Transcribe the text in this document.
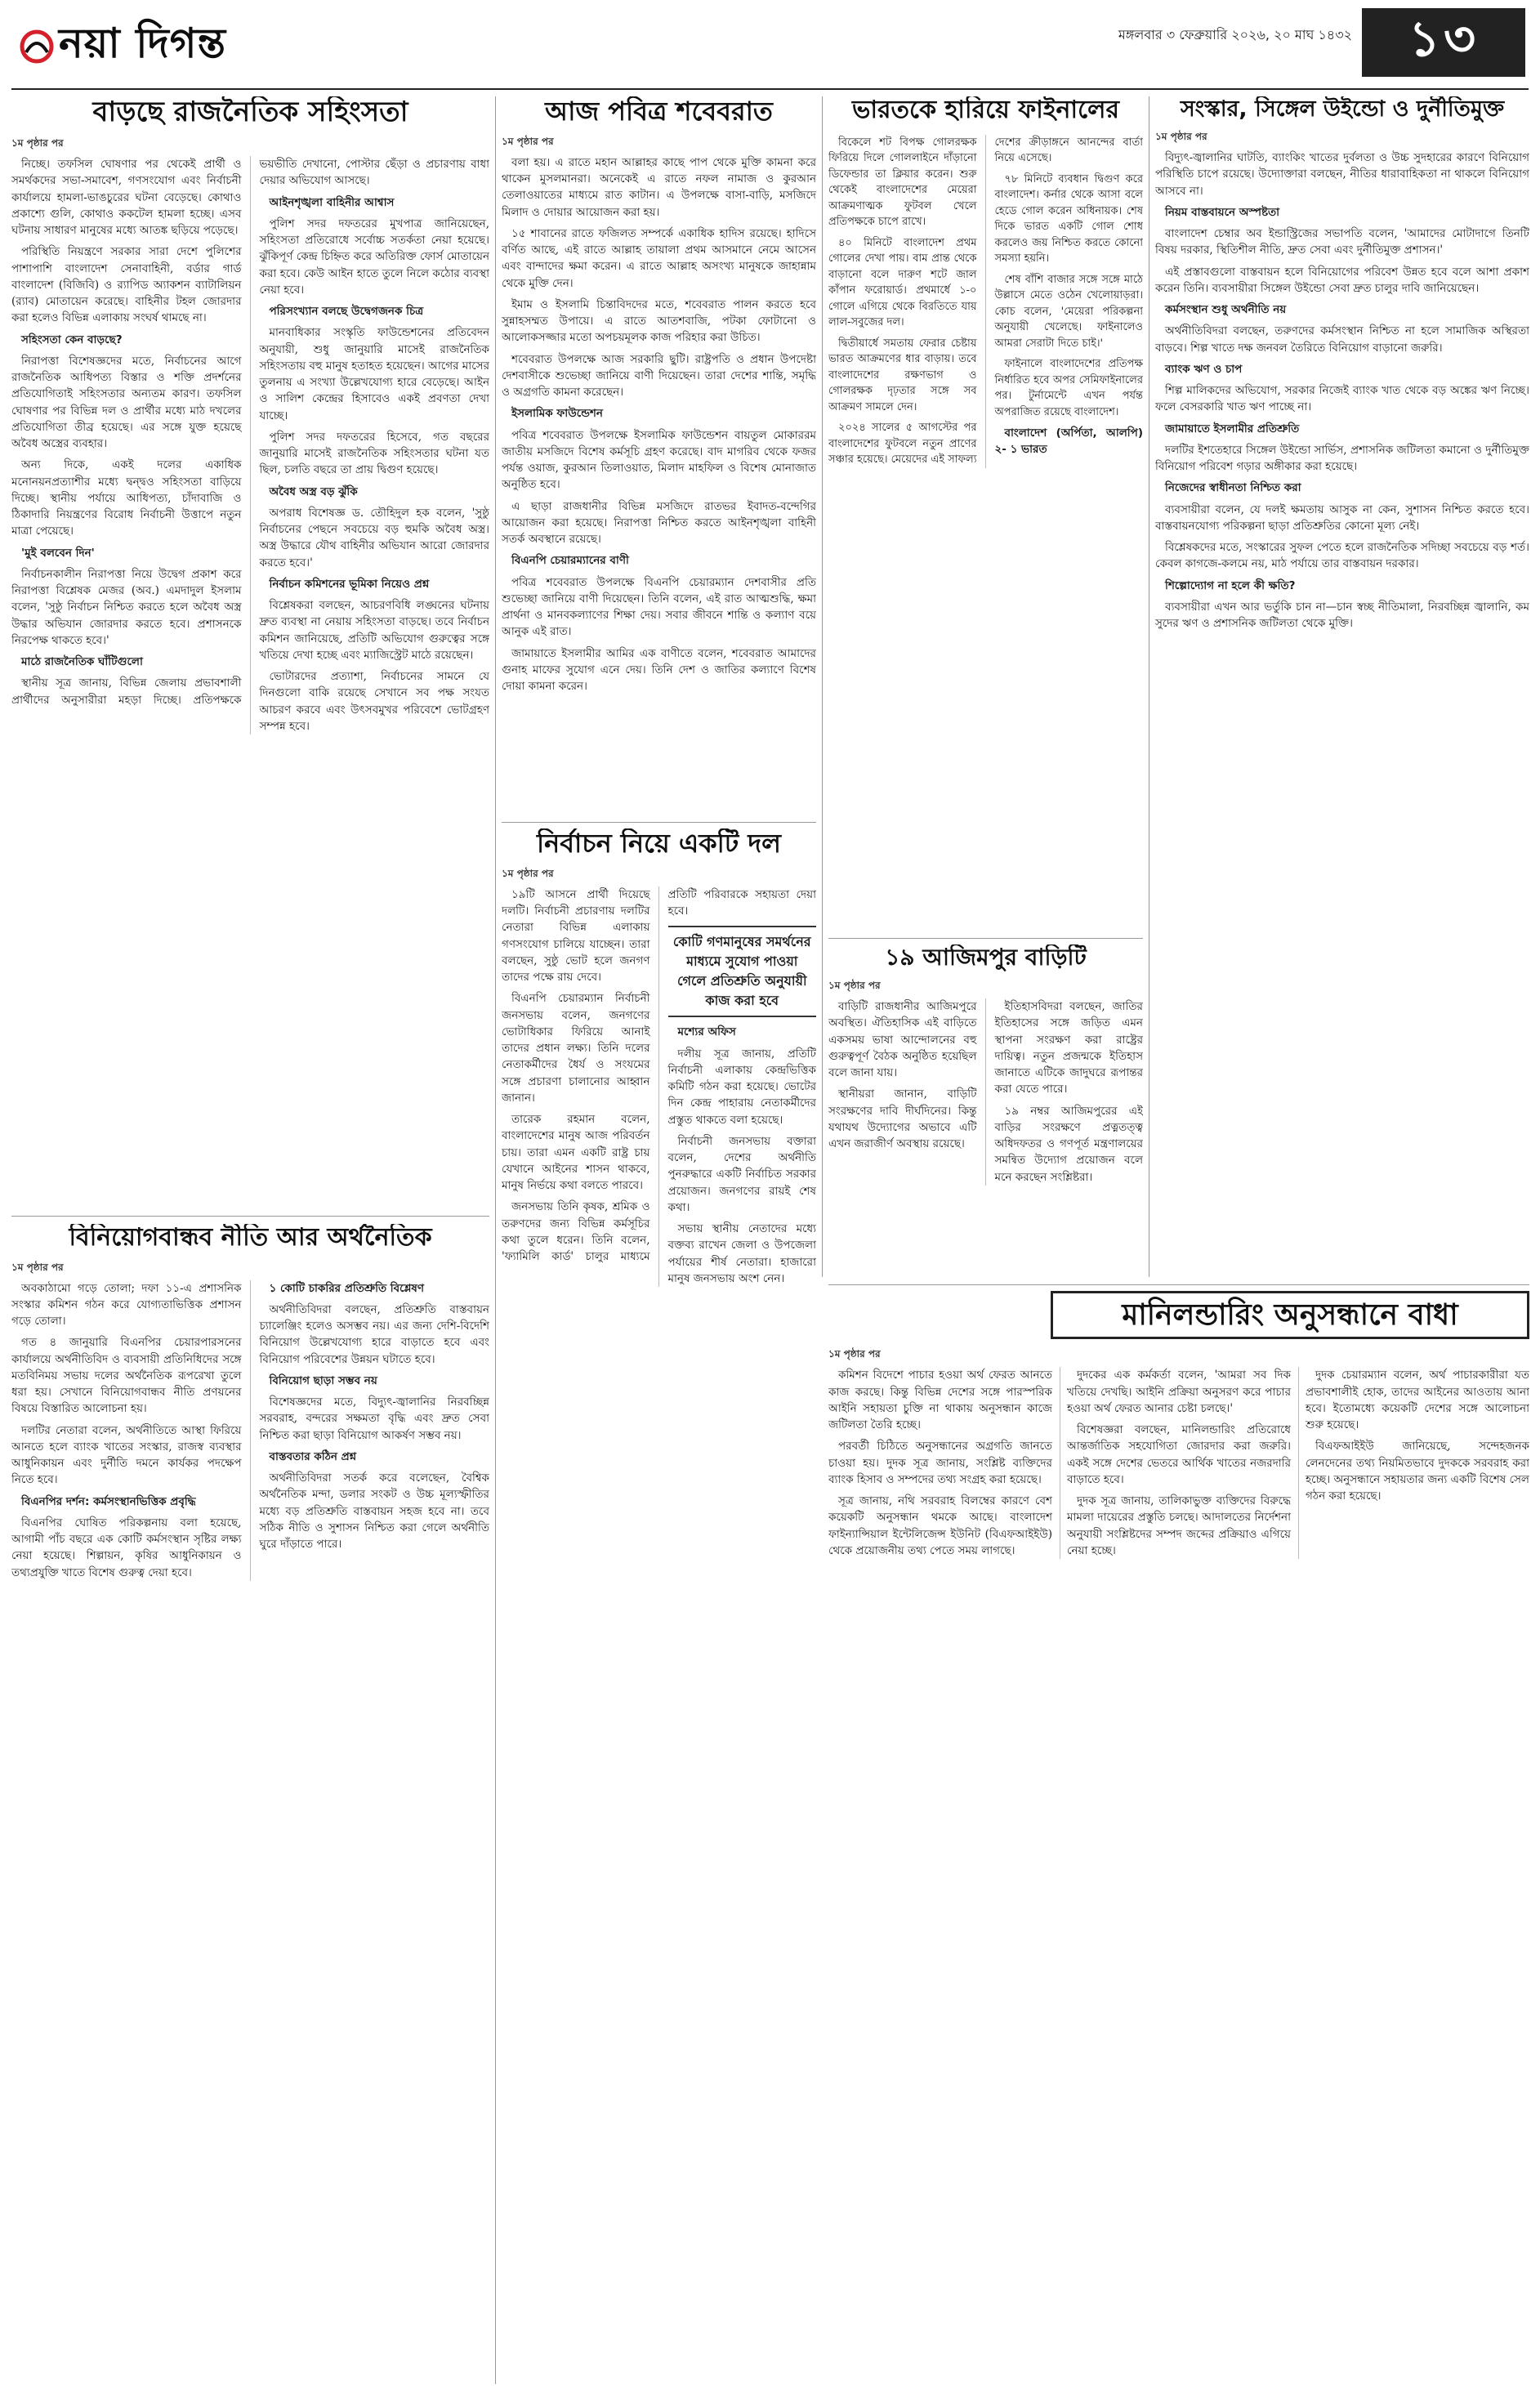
নয়া দিগন্ত	মঙ্গলবার ৩ ফেব্রুয়ারি ২০২৬, ২০ মাঘ ১৪৩২	১৩
বাড়ছে রাজনৈতিক সহিংসতা
১ম পৃষ্ঠার পর

নিচ্ছে। তফসিল ঘোষণার পর থেকেই প্রার্থী ও সমর্থকদের সভা-সমাবেশ, গণসংযোগ এবং নির্বাচনী কার্যালয়ে হামলা-ভাঙচুরের ঘটনা বেড়েছে। কোথাও প্রকাশ্যে গুলি, কোথাও ককটেল হামলা হচ্ছে। এসব ঘটনায় সাধারণ মানুষের মধ্যে আতঙ্ক ছড়িয়ে পড়েছে।

পরিস্থিতি নিয়ন্ত্রণে সরকার সারা দেশে পুলিশের পাশাপাশি বাংলাদেশ সেনাবাহিনী, বর্ডার গার্ড বাংলাদেশ (বিজিবি) ও র‍্যাপিড অ্যাকশন ব্যাটালিয়ন (র‍্যাব) মোতায়েন করেছে। বাহিনীর টহল জোরদার করা হলেও বিভিন্ন এলাকায় সংঘর্ষ থামছে না।

সহিংসতা কেন বাড়ছে?

নিরাপত্তা বিশেষজ্ঞদের মতে, নির্বাচনের আগে রাজনৈতিক আধিপত্য বিস্তার ও শক্তি প্রদর্শনের প্রতিযোগিতাই সহিংসতার অন্যতম কারণ। তফসিল ঘোষণার পর বিভিন্ন দল ও প্রার্থীর মধ্যে মাঠ দখলের প্রতিযোগিতা তীব্র হয়েছে। এর সঙ্গে যুক্ত হয়েছে অবৈধ অস্ত্রের ব্যবহার।

অন্য দিকে, একই দলের একাধিক মনোনয়নপ্রত্যাশীর মধ্যে দ্বন্দ্বও সহিংসতা বাড়িয়ে দিচ্ছে। স্থানীয় পর্যায়ে আধিপত্য, চাঁদাবাজি ও ঠিকাদারি নিয়ন্ত্রণের বিরোধ নির্বাচনী উত্তাপে নতুন মাত্রা পেয়েছে।

'মুই বলবেন দিন'

নির্বাচনকালীন নিরাপত্তা নিয়ে উদ্বেগ প্রকাশ করে নিরাপত্তা বিশ্লেষক মেজর (অব.) এমদাদুল ইসলাম বলেন, 'সুষ্ঠু নির্বাচন নিশ্চিত করতে হলে অবৈধ অস্ত্র উদ্ধার অভিযান জোরদার করতে হবে। প্রশাসনকে নিরপেক্ষ থাকতে হবে।'

মাঠে রাজনৈতিক ঘাঁটিগুলো

স্থানীয় সূত্র জানায়, বিভিন্ন জেলায় প্রভাবশালী প্রার্থীদের অনুসারীরা মহড়া দিচ্ছে। প্রতিপক্ষকে ভয়ভীতি দেখানো, পোস্টার ছেঁড়া ও প্রচারণায় বাধা দেয়ার অভিযোগ আসছে।

আইনশৃঙ্খলা বাহিনীর আশ্বাস

পুলিশ সদর দফতরের মুখপাত্র জানিয়েছেন, সহিংসতা প্রতিরোধে সর্বোচ্চ সতর্কতা নেয়া হয়েছে। ঝুঁকিপূর্ণ কেন্দ্র চিহ্নিত করে অতিরিক্ত ফোর্স মোতায়েন করা হবে। কেউ আইন হাতে তুলে নিলে কঠোর ব্যবস্থা নেয়া হবে।

পরিসংখ্যান বলছে উদ্বেগজনক চিত্র

মানবাধিকার সংস্কৃতি ফাউন্ডেশনের প্রতিবেদন অনুযায়ী, শুধু জানুয়ারি মাসেই রাজনৈতিক সহিংসতায় বহু মানুষ হতাহত হয়েছেন। আগের মাসের তুলনায় এ সংখ্যা উল্লেখযোগ্য হারে বেড়েছে। আইন ও সালিশ কেন্দ্রের হিসাবেও একই প্রবণতা দেখা যাচ্ছে।

পুলিশ সদর দফতরের হিসেবে, গত বছরের জানুয়ারি মাসেই রাজনৈতিক সহিংসতার ঘটনা যত ছিল, চলতি বছরে তা প্রায় দ্বিগুণ হয়েছে।

অবৈধ অস্ত্র বড় ঝুঁকি

অপরাধ বিশেষজ্ঞ ড. তৌহিদুল হক বলেন, 'সুষ্ঠু নির্বাচনের পেছনে সবচেয়ে বড় হুমকি অবৈধ অস্ত্র। অস্ত্র উদ্ধারে যৌথ বাহিনীর অভিযান আরো জোরদার করতে হবে।'

নির্বাচন কমিশনের ভূমিকা নিয়েও প্রশ্ন

বিশ্লেষকরা বলছেন, আচরণবিধি লঙ্ঘনের ঘটনায় দ্রুত ব্যবস্থা না নেয়ায় সহিংসতা বাড়ছে। তবে নির্বাচন কমিশন জানিয়েছে, প্রতিটি অভিযোগ গুরুত্বের সঙ্গে খতিয়ে দেখা হচ্ছে এবং ম্যাজিস্ট্রেট মাঠে রয়েছেন।

ভোটারদের প্রত্যাশা, নির্বাচনের সামনে যে দিনগুলো বাকি রয়েছে সেখানে সব পক্ষ সংযত আচরণ করবে এবং উৎসবমুখর পরিবেশে ভোটগ্রহণ সম্পন্ন হবে।

আজ পবিত্র শবেবরাত
১ম পৃষ্ঠার পর

বলা হয়। এ রাতে মহান আল্লাহর কাছে পাপ থেকে মুক্তি কামনা করে থাকেন মুসলমানরা। অনেকেই এ রাতে নফল নামাজ ও কুরআন তেলাওয়াতের মাধ্যমে রাত কাটান। এ উপলক্ষে বাসা-বাড়ি, মসজিদে মিলাদ ও দোয়ার আয়োজন করা হয়।

১৫ শাবানের রাতে ফজিলত সম্পর্কে একাধিক হাদিস রয়েছে। হাদিসে বর্ণিত আছে, এই রাতে আল্লাহ তায়ালা প্রথম আসমানে নেমে আসেন এবং বান্দাদের ক্ষমা করেন। এ রাতে আল্লাহ অসংখ্য মানুষকে জাহান্নাম থেকে মুক্তি দেন।

ইমাম ও ইসলামি চিন্তাবিদদের মতে, শবেবরাত পালন করতে হবে সুন্নাহসম্মত উপায়ে। এ রাতে আতশবাজি, পটকা ফোটানো ও আলোকসজ্জার মতো অপচয়মূলক কাজ পরিহার করা উচিত।

শবেবরাত উপলক্ষে আজ সরকারি ছুটি। রাষ্ট্রপতি ও প্রধান উপদেষ্টা দেশবাসীকে শুভেচ্ছা জানিয়ে বাণী দিয়েছেন। তারা দেশের শান্তি, সমৃদ্ধি ও অগ্রগতি কামনা করেছেন।

ইসলামিক ফাউন্ডেশন

পবিত্র শবেবরাত উপলক্ষে ইসলামিক ফাউন্ডেশন বায়তুল মোকাররম জাতীয় মসজিদে বিশেষ কর্মসূচি গ্রহণ করেছে। বাদ মাগরিব থেকে ফজর পর্যন্ত ওয়াজ, কুরআন তিলাওয়াত, মিলাদ মাহফিল ও বিশেষ মোনাজাত অনুষ্ঠিত হবে।

এ ছাড়া রাজধানীর বিভিন্ন মসজিদে রাতভর ইবাদত-বন্দেগির আয়োজন করা হয়েছে। নিরাপত্তা নিশ্চিত করতে আইনশৃঙ্খলা বাহিনী সতর্ক অবস্থানে রয়েছে।

বিএনপি চেয়ারম্যানের বাণী

পবিত্র শবেবরাত উপলক্ষে বিএনপি চেয়ারম্যান দেশবাসীর প্রতি শুভেচ্ছা জানিয়ে বাণী দিয়েছেন। তিনি বলেন, এই রাত আত্মশুদ্ধি, ক্ষমা প্রার্থনা ও মানবকল্যাণের শিক্ষা দেয়। সবার জীবনে শান্তি ও কল্যাণ বয়ে আনুক এই রাত।

জামায়াতে ইসলামীর আমির এক বাণীতে বলেন, শবেবরাত আমাদের গুনাহ মাফের সুযোগ এনে দেয়। তিনি দেশ ও জাতির কল্যাণে বিশেষ দোয়া কামনা করেন।

ভারতকে হারিয়ে ফাইনালের

বিকেলে শট বিপক্ষ গোলরক্ষক ফিরিয়ে দিলে গোললাইনে দাঁড়ানো ডিফেন্ডার তা ক্লিয়ার করেন। শুরু থেকেই বাংলাদেশের মেয়েরা আক্রমণাত্মক ফুটবল খেলে প্রতিপক্ষকে চাপে রাখে।

৪০ মিনিটে বাংলাদেশ প্রথম গোলের দেখা পায়। বাম প্রান্ত থেকে বাড়ানো বলে দারুণ শটে জাল কাঁপান ফরোয়ার্ড। প্রথমার্ধে ১-০ গোলে এগিয়ে থেকে বিরতিতে যায় লাল-সবুজের দল।

দ্বিতীয়ার্ধে সমতায় ফেরার চেষ্টায় ভারত আক্রমণের ধার বাড়ায়। তবে বাংলাদেশের রক্ষণভাগ ও গোলরক্ষক দৃঢ়তার সঙ্গে সব আক্রমণ সামলে দেন।

২০২৪ সালের ৫ আগস্টের পর বাংলাদেশের ফুটবলে নতুন প্রাণের সঞ্চার হয়েছে। মেয়েদের এই সাফল্য দেশের ক্রীড়াঙ্গনে আনন্দের বার্তা নিয়ে এসেছে।

৭৮ মিনিটে ব্যবধান দ্বিগুণ করে বাংলাদেশ। কর্নার থেকে আসা বলে হেডে গোল করেন অধিনায়ক। শেষ দিকে ভারত একটি গোল শোধ করলেও জয় নিশ্চিত করতে কোনো সমস্যা হয়নি।

শেষ বাঁশি বাজার সঙ্গে সঙ্গে মাঠে উল্লাসে মেতে ওঠেন খেলোয়াড়রা। কোচ বলেন, 'মেয়েরা পরিকল্পনা অনুযায়ী খেলেছে। ফাইনালেও আমরা সেরাটা দিতে চাই।'

ফাইনালে বাংলাদেশের প্রতিপক্ষ নির্ধারিত হবে অপর সেমিফাইনালের পর। টুর্নামেন্টে এখন পর্যন্ত অপরাজিত রয়েছে বাংলাদেশ।

বাংলাদেশ (অর্পিতা, আলপি) ২- ১ ভারত

সংস্কার, সিঙ্গেল উইন্ডো ও দুর্নীতিমুক্ত
১ম পৃষ্ঠার পর

বিদ্যুৎ-জ্বালানির ঘাটতি, ব্যাংকিং খাতের দুর্বলতা ও উচ্চ সুদহারের কারণে বিনিয়োগ পরিস্থিতি চাপে রয়েছে। উদ্যোক্তারা বলছেন, নীতির ধারাবাহিকতা না থাকলে বিনিয়োগ আসবে না।

নিয়ম বাস্তবায়নে অস্পষ্টতা

বাংলাদেশ চেম্বার অব ইন্ডাস্ট্রিজের সভাপতি বলেন, 'আমাদের মোটাদাগে তিনটি বিষয় দরকার, স্থিতিশীল নীতি, দ্রুত সেবা এবং দুর্নীতিমুক্ত প্রশাসন।'

এই প্রস্তাবগুলো বাস্তবায়ন হলে বিনিয়োগের পরিবেশ উন্নত হবে বলে আশা প্রকাশ করেন তিনি। ব্যবসায়ীরা সিঙ্গেল উইন্ডো সেবা দ্রুত চালুর দাবি জানিয়েছেন।

কর্মসংস্থান শুধু অর্থনীতি নয়

অর্থনীতিবিদরা বলছেন, তরুণদের কর্মসংস্থান নিশ্চিত না হলে সামাজিক অস্থিরতা বাড়বে। শিল্প খাতে দক্ষ জনবল তৈরিতে বিনিয়োগ বাড়ানো জরুরি।

ব্যাংক ঋণ ও চাপ

শিল্প মালিকদের অভিযোগ, সরকার নিজেই ব্যাংক খাত থেকে বড় অঙ্কের ঋণ নিচ্ছে। ফলে বেসরকারি খাত ঋণ পাচ্ছে না।

জামায়াতে ইসলামীর প্রতিশ্রুতি

দলটির ইশতেহারে সিঙ্গেল উইন্ডো সার্ভিস, প্রশাসনিক জটিলতা কমানো ও দুর্নীতিমুক্ত বিনিয়োগ পরিবেশ গড়ার অঙ্গীকার করা হয়েছে।

নিজেদের স্বাধীনতা নিশ্চিত করা

ব্যবসায়ীরা বলেন, যে দলই ক্ষমতায় আসুক না কেন, সুশাসন নিশ্চিত করতে হবে। বাস্তবায়নযোগ্য পরিকল্পনা ছাড়া প্রতিশ্রুতির কোনো মূল্য নেই।

বিশ্লেষকদের মতে, সংস্কারের সুফল পেতে হলে রাজনৈতিক সদিচ্ছা সবচেয়ে বড় শর্ত। কেবল কাগজে-কলমে নয়, মাঠ পর্যায়ে তার বাস্তবায়ন দরকার।

শিল্পোদ্যোগ না হলে কী ক্ষতি?

ব্যবসায়ীরা এখন আর ভর্তুকি চান না—চান স্বচ্ছ নীতিমালা, নিরবচ্ছিন্ন জ্বালানি, কম সুদের ঋণ ও প্রশাসনিক জটিলতা থেকে মুক্তি।

নির্বাচন নিয়ে একটি দল
১ম পৃষ্ঠার পর

১৯টি আসনে প্রার্থী দিয়েছে দলটি। নির্বাচনী প্রচারণায় দলটির নেতারা বিভিন্ন এলাকায় গণসংযোগ চালিয়ে যাচ্ছেন। তারা বলছেন, সুষ্ঠু ভোট হলে জনগণ তাদের পক্ষে রায় দেবে।

বিএনপি চেয়ারম্যান নির্বাচনী জনসভায় বলেন, জনগণের ভোটাধিকার ফিরিয়ে আনাই তাদের প্রধান লক্ষ্য। তিনি দলের নেতাকর্মীদের ধৈর্য ও সংযমের সঙ্গে প্রচারণা চালানোর আহ্বান জানান।

তারেক রহমান বলেন, বাংলাদেশের মানুষ আজ পরিবর্তন চায়। তারা এমন একটি রাষ্ট্র চায় যেখানে আইনের শাসন থাকবে, মানুষ নির্ভয়ে কথা বলতে পারবে।

জনসভায় তিনি কৃষক, শ্রমিক ও তরুণদের জন্য বিভিন্ন কর্মসূচির কথা তুলে ধরেন। তিনি বলেন, 'ফ্যামিলি কার্ড' চালুর মাধ্যমে প্রতিটি পরিবারকে সহায়তা দেয়া হবে।

কোটি গণমানুষের সমর্থনের মাধ্যমে সুযোগ পাওয়া গেলে প্রতিশ্রুতি অনুযায়ী কাজ করা হবে

মশ্যের অফিস

দলীয় সূত্র জানায়, প্রতিটি নির্বাচনী এলাকায় কেন্দ্রভিত্তিক কমিটি গঠন করা হয়েছে। ভোটের দিন কেন্দ্র পাহারায় নেতাকর্মীদের প্রস্তুত থাকতে বলা হয়েছে।

নির্বাচনী জনসভায় বক্তারা বলেন, দেশের অর্থনীতি পুনরুদ্ধারে একটি নির্বাচিত সরকার প্রয়োজন। জনগণের রায়ই শেষ কথা।

সভায় স্থানীয় নেতাদের মধ্যে বক্তব্য রাখেন জেলা ও উপজেলা পর্যায়ের শীর্ষ নেতারা। হাজারো মানুষ জনসভায় অংশ নেন।

১৯ আজিমপুর বাড়িটি
১ম পৃষ্ঠার পর

বাড়িটি রাজধানীর আজিমপুরে অবস্থিত। ঐতিহাসিক এই বাড়িতে একসময় ভাষা আন্দোলনের বহু গুরুত্বপূর্ণ বৈঠক অনুষ্ঠিত হয়েছিল বলে জানা যায়।

স্থানীয়রা জানান, বাড়িটি সংরক্ষণের দাবি দীর্ঘদিনের। কিন্তু যথাযথ উদ্যোগের অভাবে এটি এখন জরাজীর্ণ অবস্থায় রয়েছে।

ইতিহাসবিদরা বলছেন, জাতির ইতিহাসের সঙ্গে জড়িত এমন স্থাপনা সংরক্ষণ করা রাষ্ট্রের দায়িত্ব। নতুন প্রজন্মকে ইতিহাস জানাতে এটিকে জাদুঘরে রূপান্তর করা যেতে পারে।

১৯ নম্বর আজিমপুরের এই বাড়ির সংরক্ষণে প্রত্নতত্ত্ব অধিদফতর ও গণপূর্ত মন্ত্রণালয়ের সমন্বিত উদ্যোগ প্রয়োজন বলে মনে করছেন সংশ্লিষ্টরা।

বিনিয়োগবান্ধব নীতি আর অর্থনৈতিক
১ম পৃষ্ঠার পর

অবকাঠামো গড়ে তোলা; দফা ১১-এ প্রশাসনিক সংস্কার কমিশন গঠন করে যোগ্যতাভিত্তিক প্রশাসন গড়ে তোলা।

গত ৪ জানুয়ারি বিএনপির চেয়ারপারসনের কার্যালয়ে অর্থনীতিবিদ ও ব্যবসায়ী প্রতিনিধিদের সঙ্গে মতবিনিময় সভায় দলের অর্থনৈতিক রূপরেখা তুলে ধরা হয়। সেখানে বিনিয়োগবান্ধব নীতি প্রণয়নের বিষয়ে বিস্তারিত আলোচনা হয়।

দলটির নেতারা বলেন, অর্থনীতিতে আস্থা ফিরিয়ে আনতে হলে ব্যাংক খাতের সংস্কার, রাজস্ব ব্যবস্থার আধুনিকায়ন এবং দুর্নীতি দমনে কার্যকর পদক্ষেপ নিতে হবে।

বিএনপির দর্শন: কর্মসংস্থানভিত্তিক প্রবৃদ্ধি

বিএনপির ঘোষিত পরিকল্পনায় বলা হয়েছে, আগামী পাঁচ বছরে এক কোটি কর্মসংস্থান সৃষ্টির লক্ষ্য নেয়া হয়েছে। শিল্পায়ন, কৃষির আধুনিকায়ন ও তথ্যপ্রযুক্তি খাতে বিশেষ গুরুত্ব দেয়া হবে।

১ কোটি চাকরির প্রতিশ্রুতি বিশ্লেষণ

অর্থনীতিবিদরা বলছেন, প্রতিশ্রুতি বাস্তবায়ন চ্যালেঞ্জিং হলেও অসম্ভব নয়। এর জন্য দেশি-বিদেশি বিনিয়োগ উল্লেখযোগ্য হারে বাড়াতে হবে এবং বিনিয়োগ পরিবেশের উন্নয়ন ঘটাতে হবে।

বিনিয়োগ ছাড়া সম্ভব নয়

বিশেষজ্ঞদের মতে, বিদ্যুৎ-জ্বালানির নিরবচ্ছিন্ন সরবরাহ, বন্দরের সক্ষমতা বৃদ্ধি এবং দ্রুত সেবা নিশ্চিত করা ছাড়া বিনিয়োগ আকর্ষণ সম্ভব নয়।

বাস্তবতার কঠিন প্রশ্ন

অর্থনীতিবিদরা সতর্ক করে বলেছেন, বৈশ্বিক অর্থনৈতিক মন্দা, ডলার সংকট ও উচ্চ মূল্যস্ফীতির মধ্যে বড় প্রতিশ্রুতি বাস্তবায়ন সহজ হবে না। তবে সঠিক নীতি ও সুশাসন নিশ্চিত করা গেলে অর্থনীতি ঘুরে দাঁড়াতে পারে।

মানিলন্ডারিং অনুসন্ধানে বাধা
১ম পৃষ্ঠার পর

কমিশন বিদেশে পাচার হওয়া অর্থ ফেরত আনতে কাজ করছে। কিন্তু বিভিন্ন দেশের সঙ্গে পারস্পরিক আইনি সহায়তা চুক্তি না থাকায় অনুসন্ধান কাজে জটিলতা তৈরি হচ্ছে।

পরবর্তী চিঠিতে অনুসন্ধানের অগ্রগতি জানতে চাওয়া হয়। দুদক সূত্র জানায়, সংশ্লিষ্ট ব্যক্তিদের ব্যাংক হিসাব ও সম্পদের তথ্য সংগ্রহ করা হয়েছে।

সূত্র জানায়, নথি সরবরাহ বিলম্বের কারণে বেশ কয়েকটি অনুসন্ধান থমকে আছে। বাংলাদেশ ফাইন্যান্সিয়াল ইন্টেলিজেন্স ইউনিট (বিএফআইইউ) থেকে প্রয়োজনীয় তথ্য পেতে সময় লাগছে।

দুদকের এক কর্মকর্তা বলেন, 'আমরা সব দিক খতিয়ে দেখছি। আইনি প্রক্রিয়া অনুসরণ করে পাচার হওয়া অর্থ ফেরত আনার চেষ্টা চলছে।'

বিশেষজ্ঞরা বলছেন, মানিলন্ডারিং প্রতিরোধে আন্তর্জাতিক সহযোগিতা জোরদার করা জরুরি। একই সঙ্গে দেশের ভেতরে আর্থিক খাতের নজরদারি বাড়াতে হবে।

দুদক সূত্র জানায়, তালিকাভুক্ত ব্যক্তিদের বিরুদ্ধে মামলা দায়েরের প্রস্তুতি চলছে। আদালতের নির্দেশনা অনুযায়ী সংশ্লিষ্টদের সম্পদ জব্দের প্রক্রিয়াও এগিয়ে নেয়া হচ্ছে।

দুদক চেয়ারম্যান বলেন, অর্থ পাচারকারীরা যত প্রভাবশালীই হোক, তাদের আইনের আওতায় আনা হবে। ইতোমধ্যে কয়েকটি দেশের সঙ্গে আলোচনা শুরু হয়েছে।

বিএফআইইউ জানিয়েছে, সন্দেহজনক লেনদেনের তথ্য নিয়মিতভাবে দুদককে সরবরাহ করা হচ্ছে। অনুসন্ধানে সহায়তার জন্য একটি বিশেষ সেল গঠন করা হয়েছে।
